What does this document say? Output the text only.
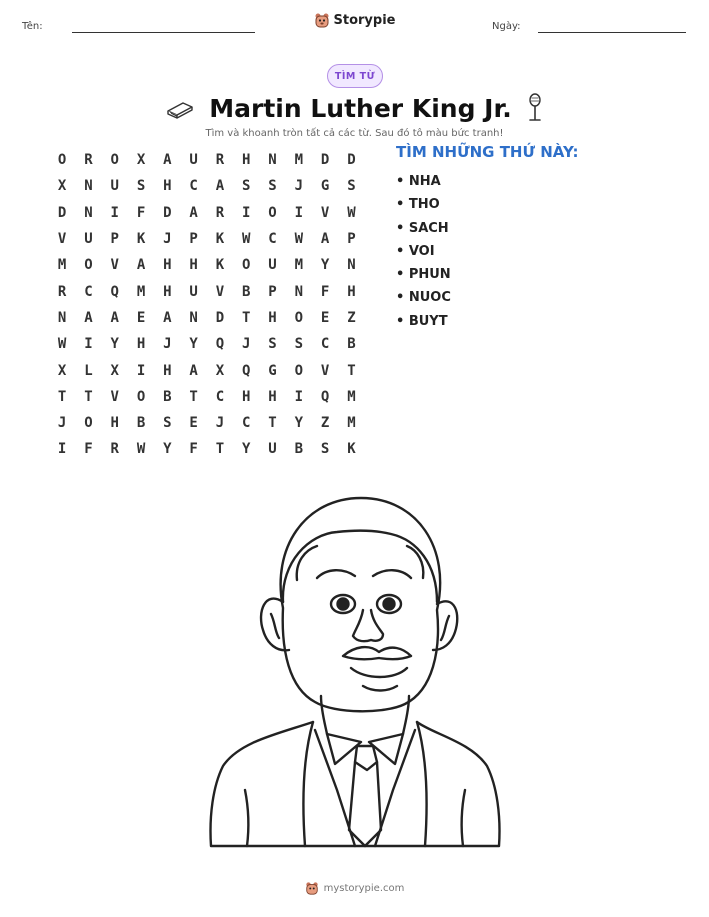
Tên:	Storypie	Ngày:
TÌM TỪ
Martin Luther King Jr.
Tìm và khoanh tròn tất cả các từ. Sau đó tô màu bức tranh!
O	R	O	X	A	U	R	H	N	M	D	D
X	N	U	S	H	C	A	S	S	J	G	S
D	N	I	F	D	A	R	I	O	I	V	W
V	U	P	K	J	P	K	W	C	W	A	P
M	O	V	A	H	H	K	O	U	M	Y	N
R	C	Q	M	H	U	V	B	P	N	F	H
N	A	A	E	A	N	D	T	H	O	E	Z
W	I	Y	H	J	Y	Q	J	S	S	C	B
X	L	X	I	H	A	X	Q	G	O	V	T
T	T	V	O	B	T	C	H	H	I	Q	M
J	O	H	B	S	E	J	C	T	Y	Z	M
I	F	R	W	Y	F	T	Y	U	B	S	K
TÌM NHỮNG THỨ NÀY:
• NHA
• THO
• SACH
• VOI
• PHUN
• NUOC
• BUYT
mystorypie.com
